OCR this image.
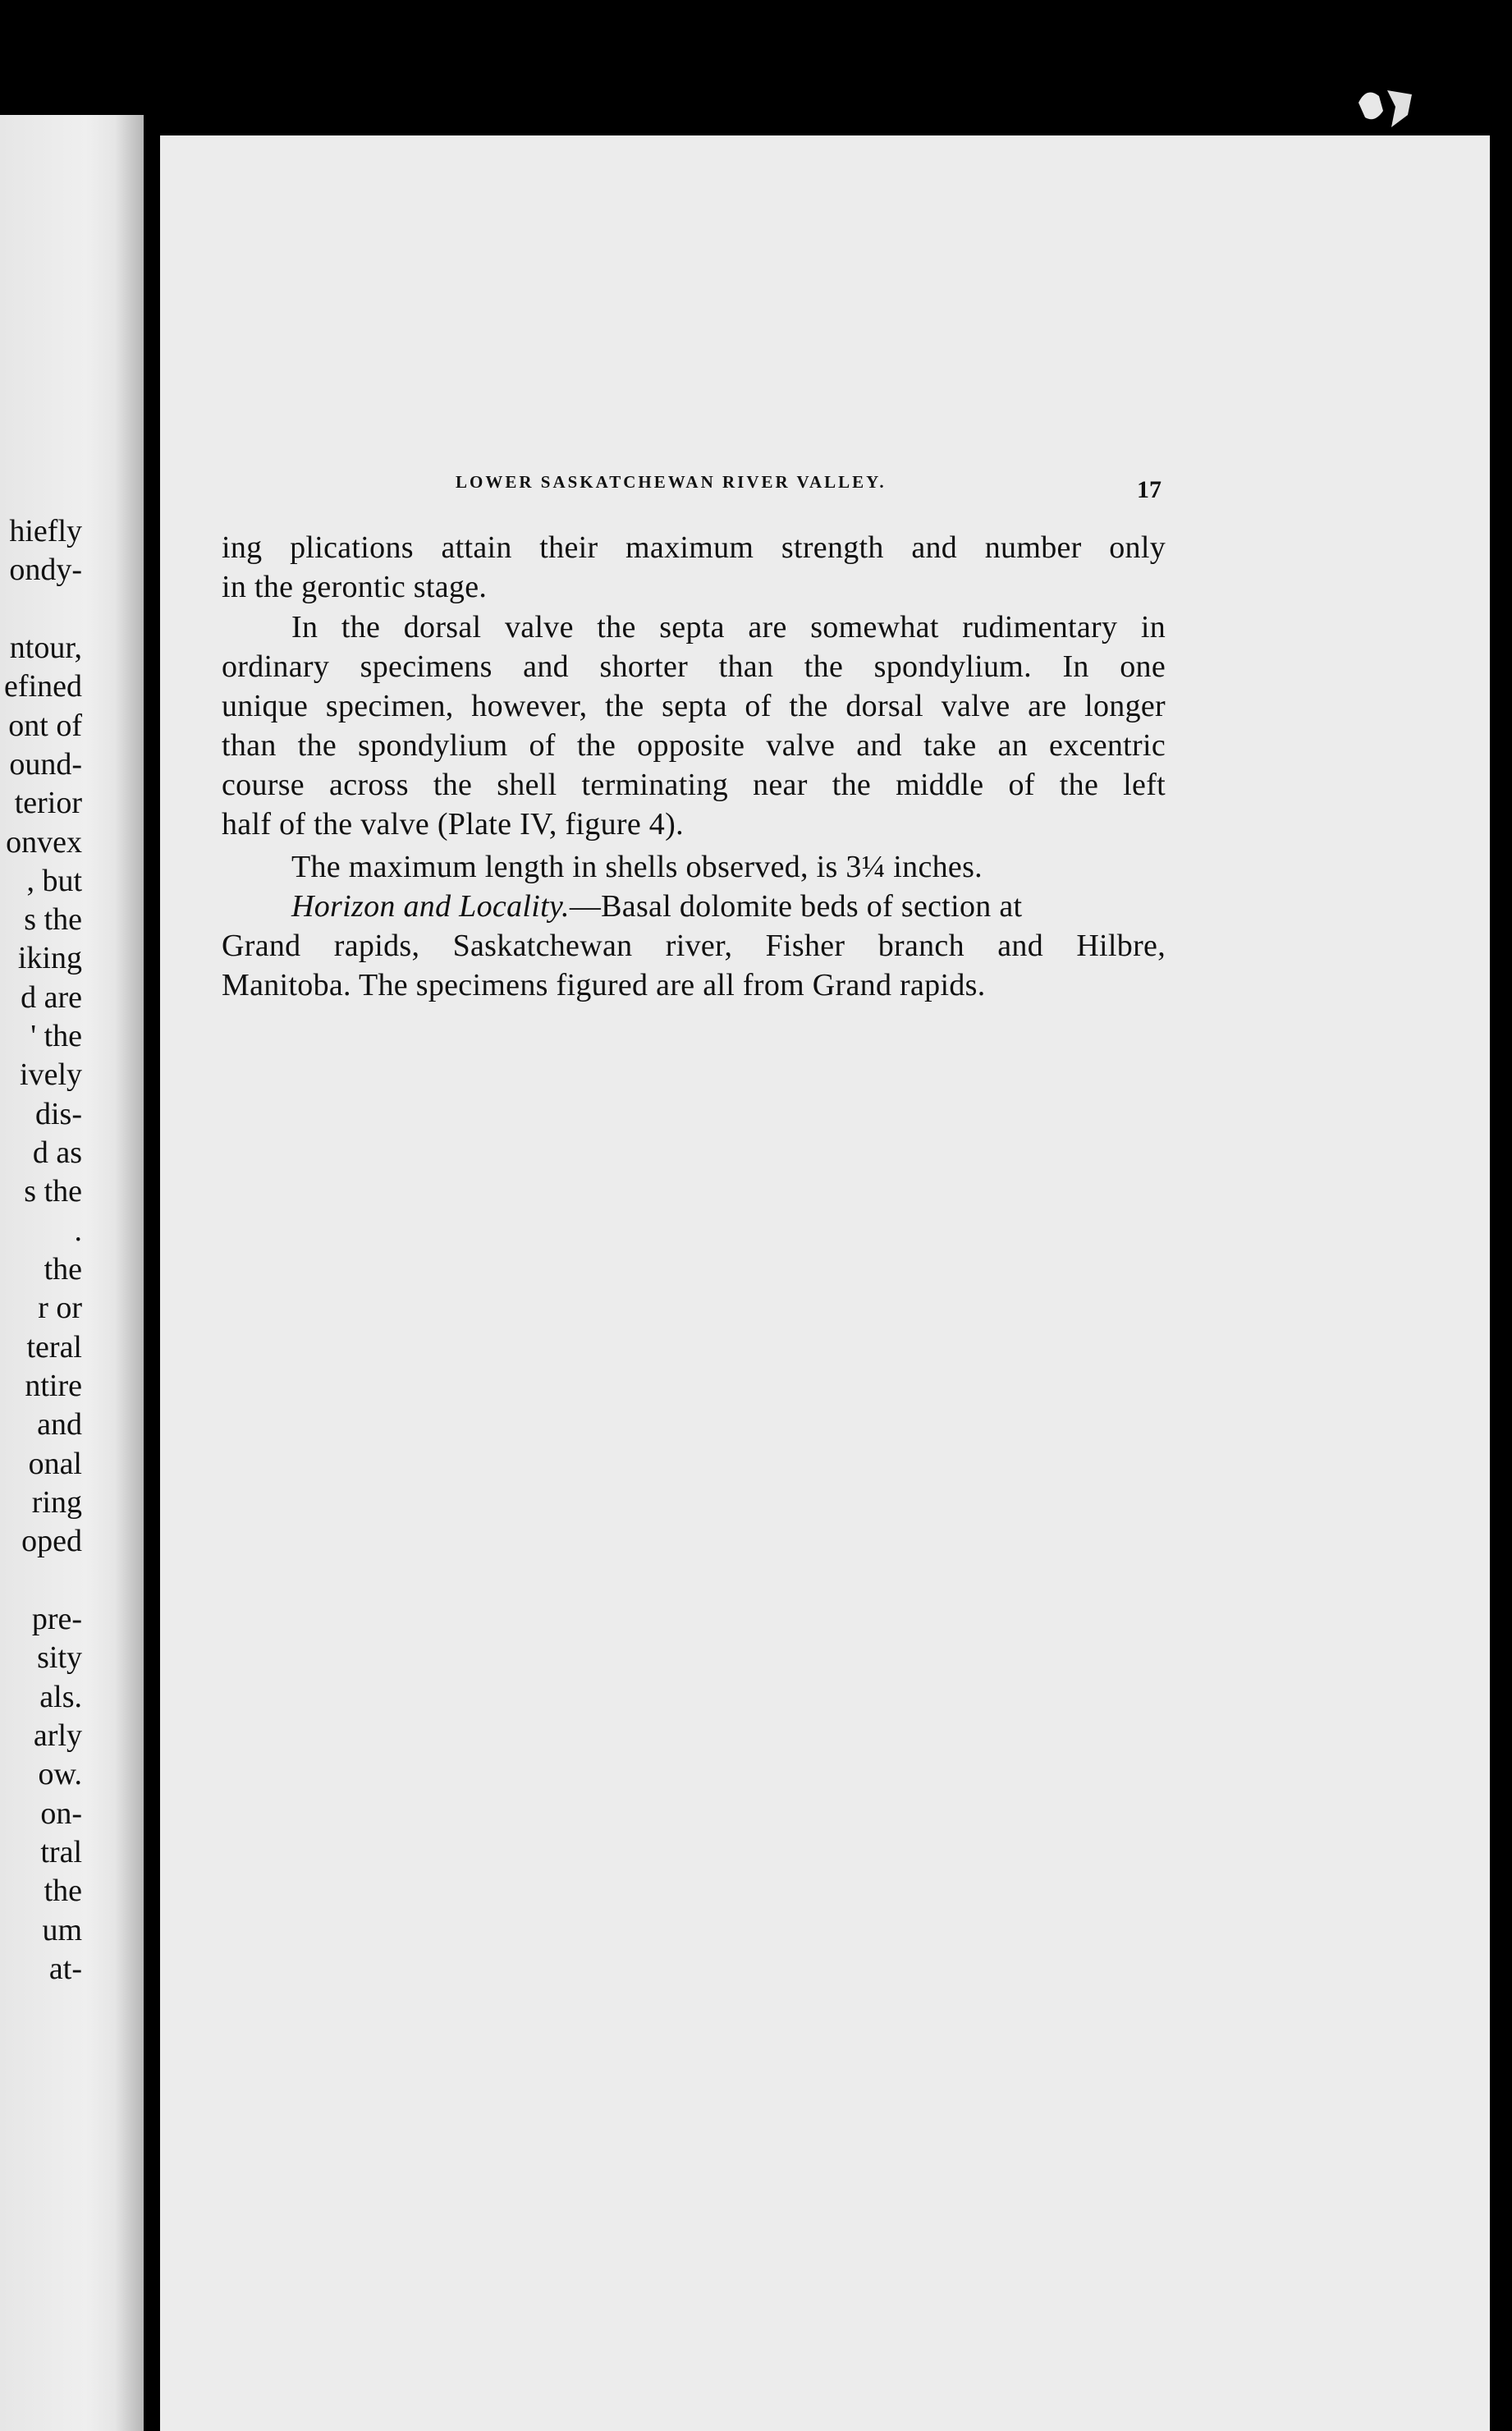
hiefly
ondy-
ntour,
efined
ont of
ound-
terior
onvex
, but
s the
iking
d are
' the
ively
dis-
d as
s the
.
the
r or
teral
ntire
and
onal
ring
oped
pre-
sity
als.
arly
ow.
on-
tral
the
um
at-
LOWER SASKATCHEWAN RIVER VALLEY.	17
ing plications attain their maximum strength and number only
in the gerontic stage.
In the dorsal valve the septa are somewhat rudimentary in
ordinary specimens and shorter than the spondylium. In one
unique specimen, however, the septa of the dorsal valve are longer
than the spondylium of the opposite valve and take an excentric
course across the shell terminating near the middle of the left
half of the valve (Plate IV, figure 4).
The maximum length in shells observed, is 3¼ inches.
Horizon and Locality.—Basal dolomite beds of section at
Grand rapids, Saskatchewan river, Fisher branch and Hilbre,
Manitoba. The specimens figured are all from Grand rapids.
